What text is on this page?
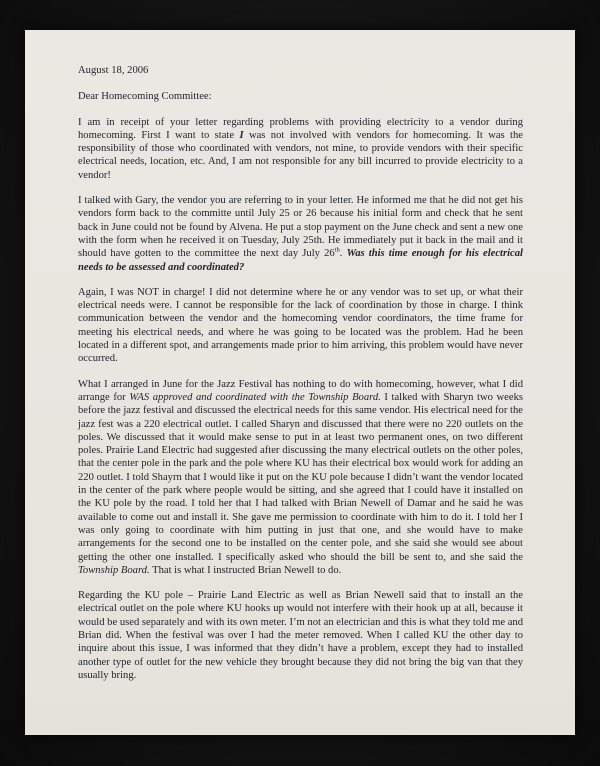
August 18, 2006

Dear Homecoming Committee:

I am in receipt of your letter regarding problems with providing electricity to a vendor during homecoming. First I want to state I was not involved with vendors for homecoming. It was the responsibility of those who coordinated with vendors, not mine, to provide vendors with their specific electrical needs, location, etc. And, I am not responsible for any bill incurred to provide electricity to a vendor!

I talked with Gary, the vendor you are referring to in your letter. He informed me that he did not get his vendors form back to the committe until July 25 or 26 because his initial form and check that he sent back in June could not be found by Alvena. He put a stop payment on the June check and sent a new one with the form when he received it on Tuesday, July 25th. He immediately put it back in the mail and it should have gotten to the committee the next day July 26th. Was this time enough for his electrical needs to be assessed and coordinated?

Again, I was NOT in charge! I did not determine where he or any vendor was to set up, or what their electrical needs were. I cannot be responsible for the lack of coordination by those in charge. I think communication between the vendor and the homecoming vendor coordinators, the time frame for meeting his electrical needs, and where he was going to be located was the problem. Had he been located in a different spot, and arrangements made prior to him arriving, this problem would have never occurred.

What I arranged in June for the Jazz Festival has nothing to do with homecoming, however, what I did arrange for WAS approved and coordinated with the Township Board. I talked with Sharyn two weeks before the jazz festival and discussed the electrical needs for this same vendor. His electrical need for the jazz fest was a 220 electrical outlet. I called Sharyn and discussed that there were no 220 outlets on the poles. We discussed that it would make sense to put in at least two permanent ones, on two different poles. Prairie Land Electric had suggested after discussing the many electrical outlets on the other poles, that the center pole in the park and the pole where KU has their electrical box would work for adding an 220 outlet. I told Shayrn that I would like it put on the KU pole because I didn’t want the vendor located in the center of the park where people would be sitting, and she agreed that I could have it installed on the KU pole by the road. I told her that I had talked with Brian Newell of Damar and he said he was available to come out and install it. She gave me permission to coordinate with him to do it. I told her I was only going to coordinate with him putting in just that one, and she would have to make arrangements for the second one to be installed on the center pole, and she said she would see about getting the other one installed. I specifically asked who should the bill be sent to, and she said the Township Board. That is what I instructed Brian Newell to do.

Regarding the KU pole – Prairie Land Electric as well as Brian Newell said that to install an the electrical outlet on the pole where KU hooks up would not interfere with their hook up at all, because it would be used separately and with its own meter. I’m not an electrician and this is what they told me and Brian did. When the festival was over I had the meter removed. When I called KU the other day to inquire about this issue, I was informed that they didn’t have a problem, except they had to installed another type of outlet for the new vehicle they brought because they did not bring the big van that they usually bring.
